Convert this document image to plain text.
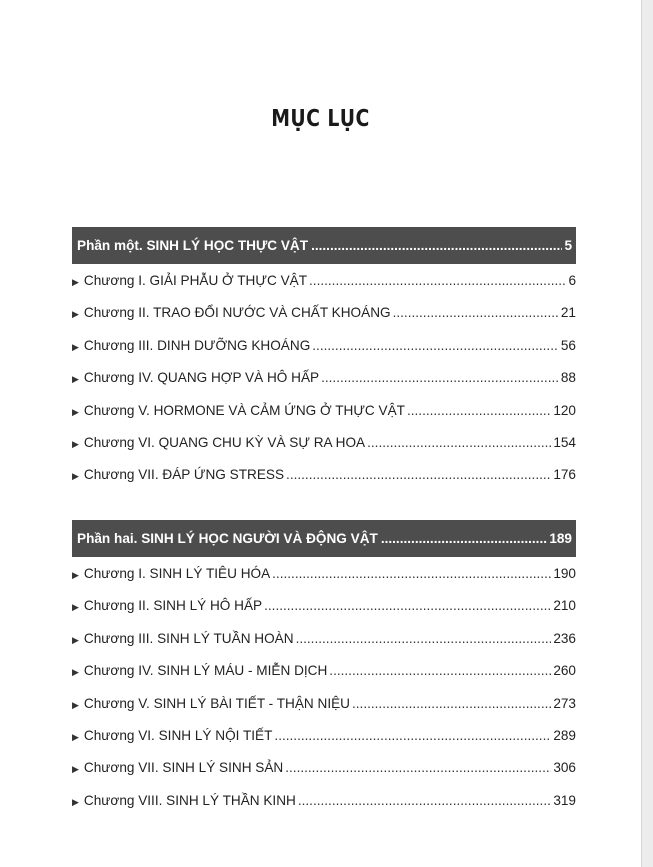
MỤC LỤC
Phần một. SINH LÝ HỌC THỰC VẬT .....	5
▶ Chương I. GIẢI PHẪU Ở THỰC VẬT .....	6
▶ Chương II. TRAO ĐỔI NƯỚC VÀ CHẤT KHOÁNG .....	21
▶ Chương III. DINH DƯỠNG KHOÁNG .....	56
▶ Chương IV. QUANG HỢP VÀ HÔ HẤP .....	88
▶ Chương V. HORMONE VÀ CẢM ỨNG Ở THỰC VẬT .....	120
▶ Chương VI. QUANG CHU KỲ VÀ SỰ RA HOA .....	154
▶ Chương VII. ĐÁP ỨNG STRESS .....	176
Phần hai. SINH LÝ HỌC NGƯỜI VÀ ĐỘNG VẬT .....	189
▶ Chương I. SINH LÝ TIÊU HÓA .....	190
▶ Chương II. SINH LÝ HÔ HẤP .....	210
▶ Chương III. SINH LÝ TUẦN HOÀN .....	236
▶ Chương IV. SINH LÝ MÁU - MIỄN DỊCH .....	260
▶ Chương V. SINH LÝ BÀI TIẾT - THẬN NIỆU .....	273
▶ Chương VI. SINH LÝ NỘI TIẾT .....	289
▶ Chương VII. SINH LÝ SINH SẢN .....	306
▶ Chương VIII. SINH LÝ THẦN KINH .....	319
